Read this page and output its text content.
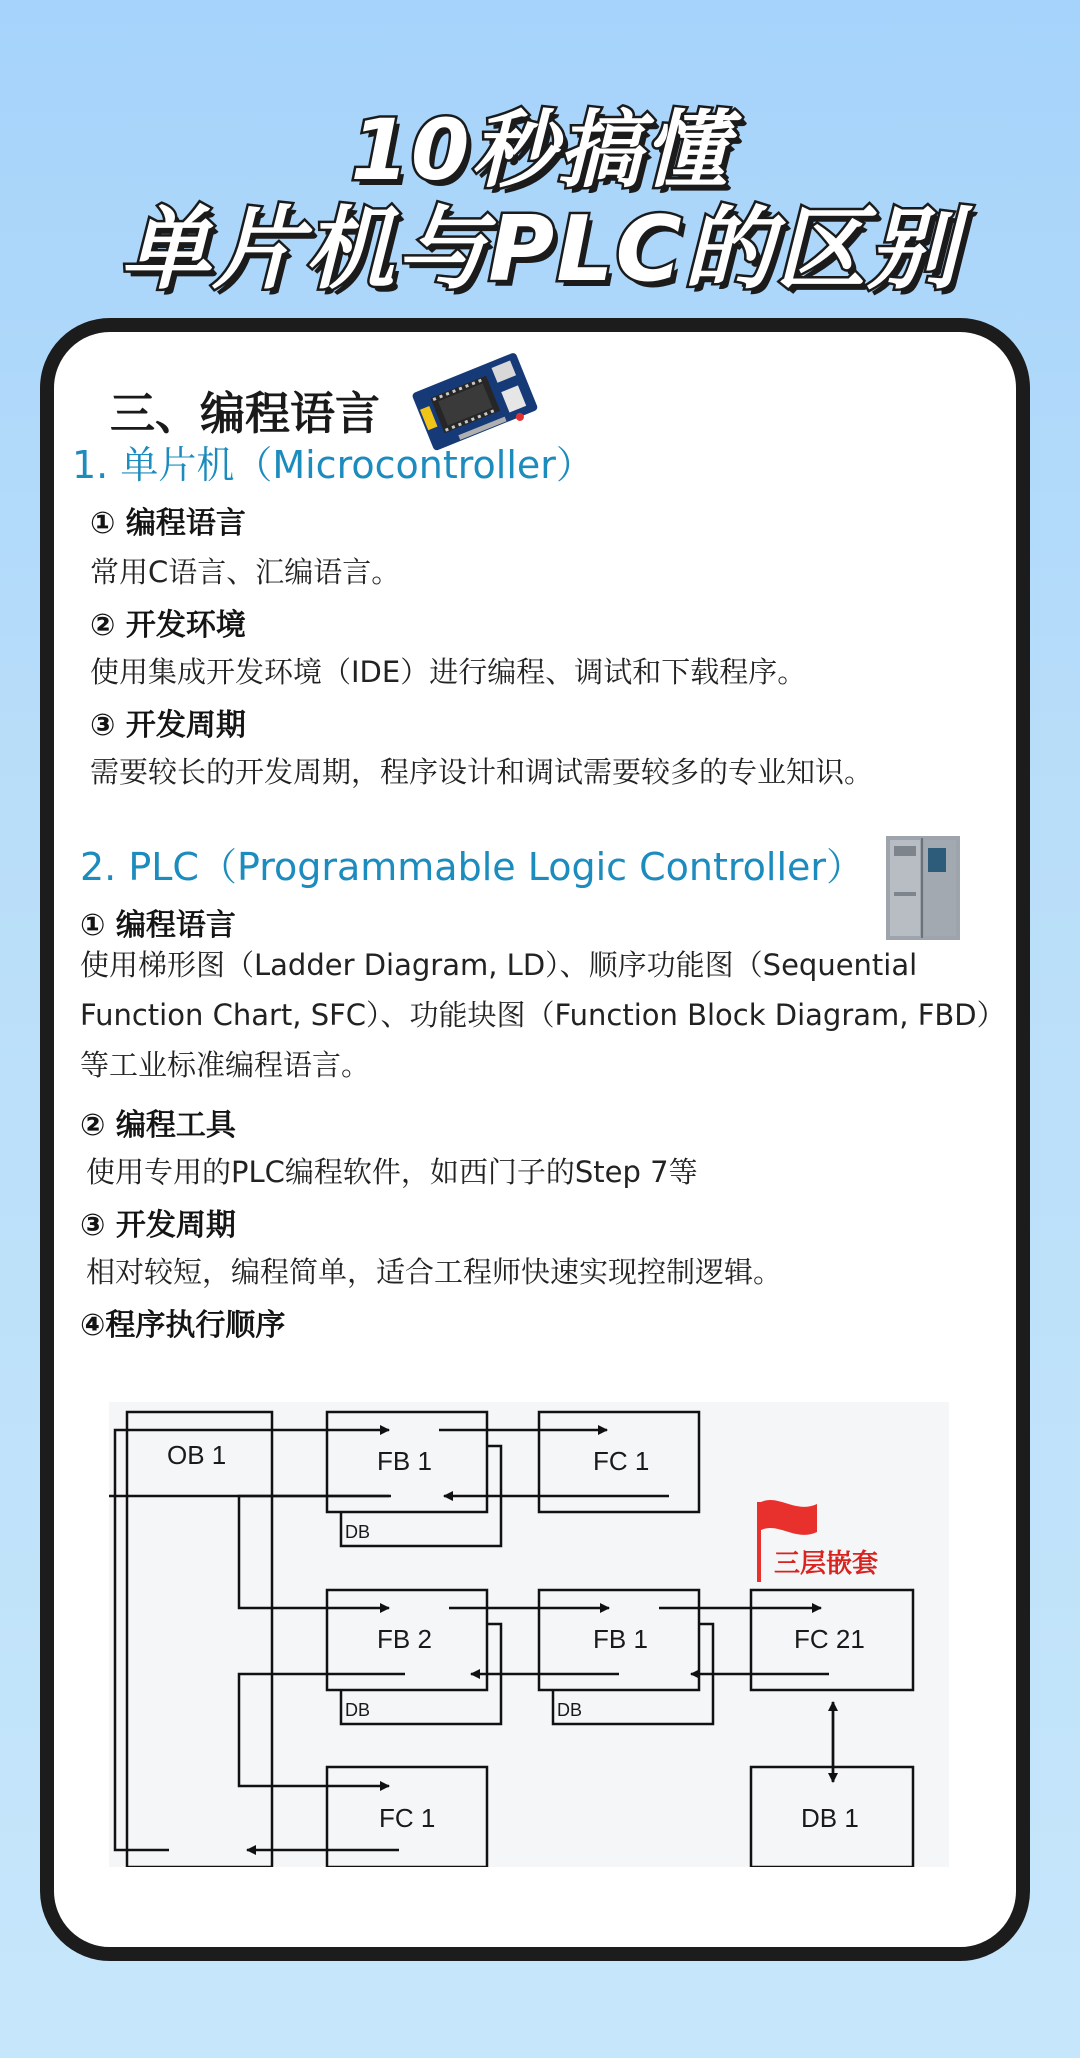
10秒搞懂
单片机与PLC的区别

三、编程语言

1. 单片机（Microcontroller）

① 编程语言

常用C语言、汇编语言。

② 开发环境

使用集成开发环境（IDE）进行编程、调试和下载程序。

③ 开发周期

需要较长的开发周期，程序设计和调试需要较多的专业知识。

2. PLC（Programmable Logic Controller）

① 编程语言

使用梯形图（Ladder Diagram, LD）、顺序功能图（Sequential Function Chart, SFC）、功能块图（Function Block Diagram, FBD）等工业标准编程语言。

② 编程工具

使用专用的PLC编程软件，如西门子的Step 7等

③ 开发周期

相对较短，编程简单，适合工程师快速实现控制逻辑。

④程序执行顺序

OB 1	FB 1	FC 1
FB 2	FB 1	FC 21
FC 1	DB 1
DB
DB	DB
三层嵌套
